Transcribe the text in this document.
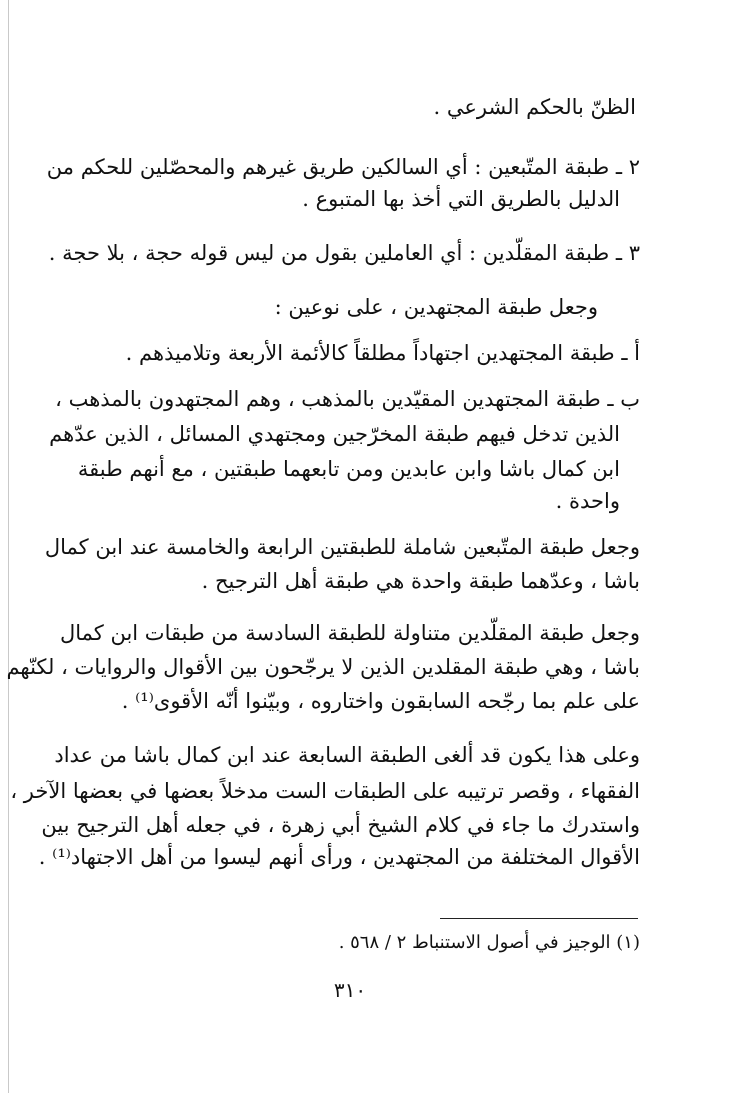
الظنّ بالحكم الشرعي .
٢ ـ طبقة المتّبعين : أي السالكين طريق غيرهم والمحصّلين للحكم من
الدليل بالطريق التي أخذ بها المتبوع .
٣ ـ طبقة المقلّدين : أي العاملين بقول من ليس قوله حجة ، بلا حجة .
وجعل طبقة المجتهدين ، على نوعين :
أ ـ طبقة المجتهدين اجتهاداً مطلقاً كالأئمة الأربعة وتلاميذهم .
ب ـ طبقة المجتهدين المقيّدين بالمذهب ، وهم المجتهدون بالمذهب ،
الذين تدخل فيهم طبقة المخرّجين ومجتهدي المسائل ، الذين عدّهم
ابن كمال باشا وابن عابدين ومن تابعهما طبقتين ، مع أنهم طبقة
واحدة .
وجعل طبقة المتّبعين شاملة للطبقتين الرابعة والخامسة عند ابن كمال
باشا ، وعدّهما طبقة واحدة هي طبقة أهل الترجيح .
وجعل طبقة المقلّدين متناولة للطبقة السادسة من طبقات ابن كمال
باشا ، وهي طبقة المقلدين الذين لا يرجّحون بين الأقوال والروايات ، لكنّهم
على علم بما رجّحه السابقون واختاروه ، وبيّنوا أنّه الأقوى⁽¹⁾ .
وعلى هذا يكون قد ألغى الطبقة السابعة عند ابن كمال باشا من عداد
الفقهاء ، وقصر ترتيبه على الطبقات الست مدخلاً بعضها في بعضها الآخر ،
واستدرك ما جاء في كلام الشيخ أبي زهرة ، في جعله أهل الترجيح بين
الأقوال المختلفة من المجتهدين ، ورأى أنهم ليسوا من أهل الاجتهاد⁽¹⁾ .
(١) الوجيز في أصول الاستنباط ٢ / ٥٦٨ .
٣١٠
